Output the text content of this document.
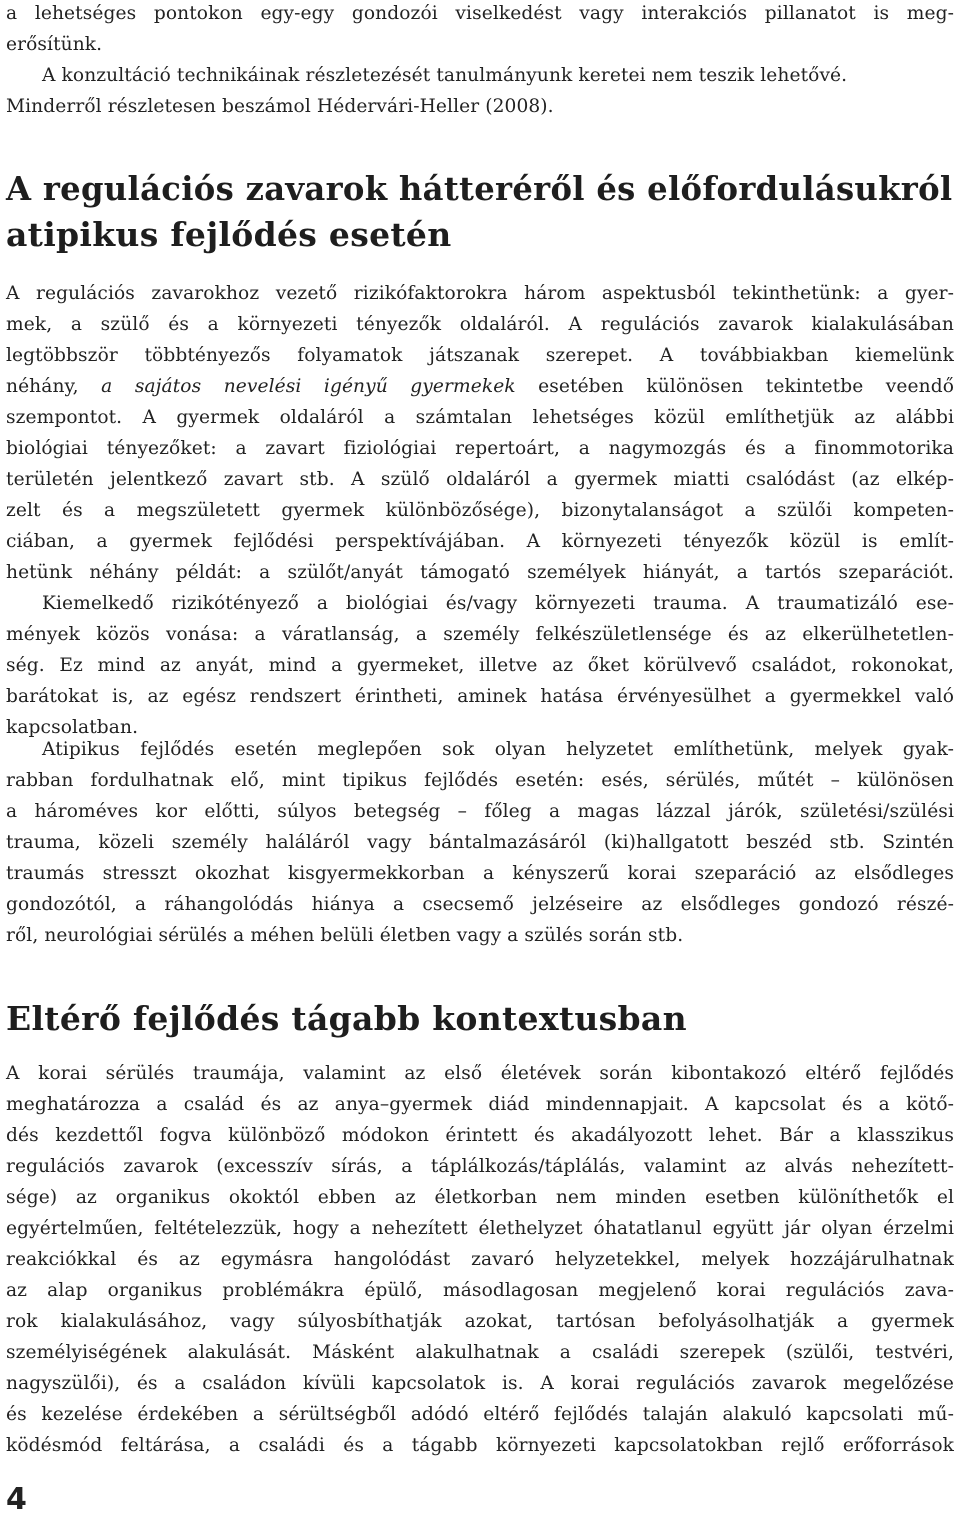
a lehetséges pontokon egy-egy gondozói viselkedést vagy interakciós pillanatot is meg-
erősítünk.
A konzultáció technikáinak részletezését tanulmányunk keretei nem teszik lehetővé.
Minderről részletesen beszámol Hédervári-Heller (2008).
A regulációs zavarok hátteréről és előfordulásukról
atipikus fejlődés esetén
A regulációs zavarokhoz vezető rizikófaktorokra három aspektusból tekinthetünk: a gyer-
mek, a szülő és a környezeti tényezők oldaláról. A regulációs zavarok kialakulásában
legtöbbször többtényezős folyamatok játszanak szerepet. A továbbiakban kiemelünk
néhány, a sajátos nevelési igényű gyermekek esetében különösen tekintetbe veendő
szempontot. A gyermek oldaláról a számtalan lehetséges közül említhetjük az alábbi
biológiai tényezőket: a zavart fiziológiai repertoárt, a nagymozgás és a finommotorika
területén jelentkező zavart stb. A szülő oldaláról a gyermek miatti csalódást (az elkép-
zelt és a megszületett gyermek különbözősége), bizonytalanságot a szülői kompeten-
ciában, a gyermek fejlődési perspektívájában. A környezeti tényezők közül is említ-
hetünk néhány példát: a szülőt/anyát támogató személyek hiányát, a tartós szeparációt.
Kiemelkedő rizikótényező a biológiai és/vagy környezeti trauma. A traumatizáló ese-
mények közös vonása: a váratlanság, a személy felkészületlensége és az elkerülhetetlen-
ség. Ez mind az anyát, mind a gyermeket, illetve az őket körülvevő családot, rokonokat,
barátokat is, az egész rendszert érintheti, aminek hatása érvényesülhet a gyermekkel való
kapcsolatban.
Atipikus fejlődés esetén meglepően sok olyan helyzetet említhetünk, melyek gyak-
rabban fordulhatnak elő, mint tipikus fejlődés esetén: esés, sérülés, műtét – különösen
a hároméves kor előtti, súlyos betegség – főleg a magas lázzal járók, születési/szülési
trauma, közeli személy haláláról vagy bántalmazásáról (ki)hallgatott beszéd stb. Szintén
traumás stresszt okozhat kisgyermekkorban a kényszerű korai szeparáció az elsődleges
gondozótól, a ráhangolódás hiánya a csecsemő jelzéseire az elsődleges gondozó részé-
ről, neurológiai sérülés a méhen belüli életben vagy a szülés során stb.
Eltérő fejlődés tágabb kontextusban
A korai sérülés traumája, valamint az első életévek során kibontakozó eltérő fejlődés
meghatározza a család és az anya–gyermek diád mindennapjait. A kapcsolat és a kötő-
dés kezdettől fogva különböző módokon érintett és akadályozott lehet. Bár a klasszikus
regulációs zavarok (excesszív sírás, a táplálkozás/táplálás, valamint az alvás nehezített-
sége) az organikus okoktól ebben az életkorban nem minden esetben különíthetők el
egyértelműen, feltételezzük, hogy a nehezített élethelyzet óhatatlanul együtt jár olyan érzelmi
reakciókkal és az egymásra hangolódást zavaró helyzetekkel, melyek hozzájárulhatnak
az alap organikus problémákra épülő, másodlagosan megjelenő korai regulációs zava-
rok kialakulásához, vagy súlyosbíthatják azokat, tartósan befolyásolhatják a gyermek
személyiségének alakulását. Másként alakulhatnak a családi szerepek (szülői, testvéri,
nagyszülői), és a családon kívüli kapcsolatok is. A korai regulációs zavarok megelőzése
és kezelése érdekében a sérültségből adódó eltérő fejlődés talaján alakuló kapcsolati mű-
ködésmód feltárása, a családi és a tágabb környezeti kapcsolatokban rejlő erőforrások
4
